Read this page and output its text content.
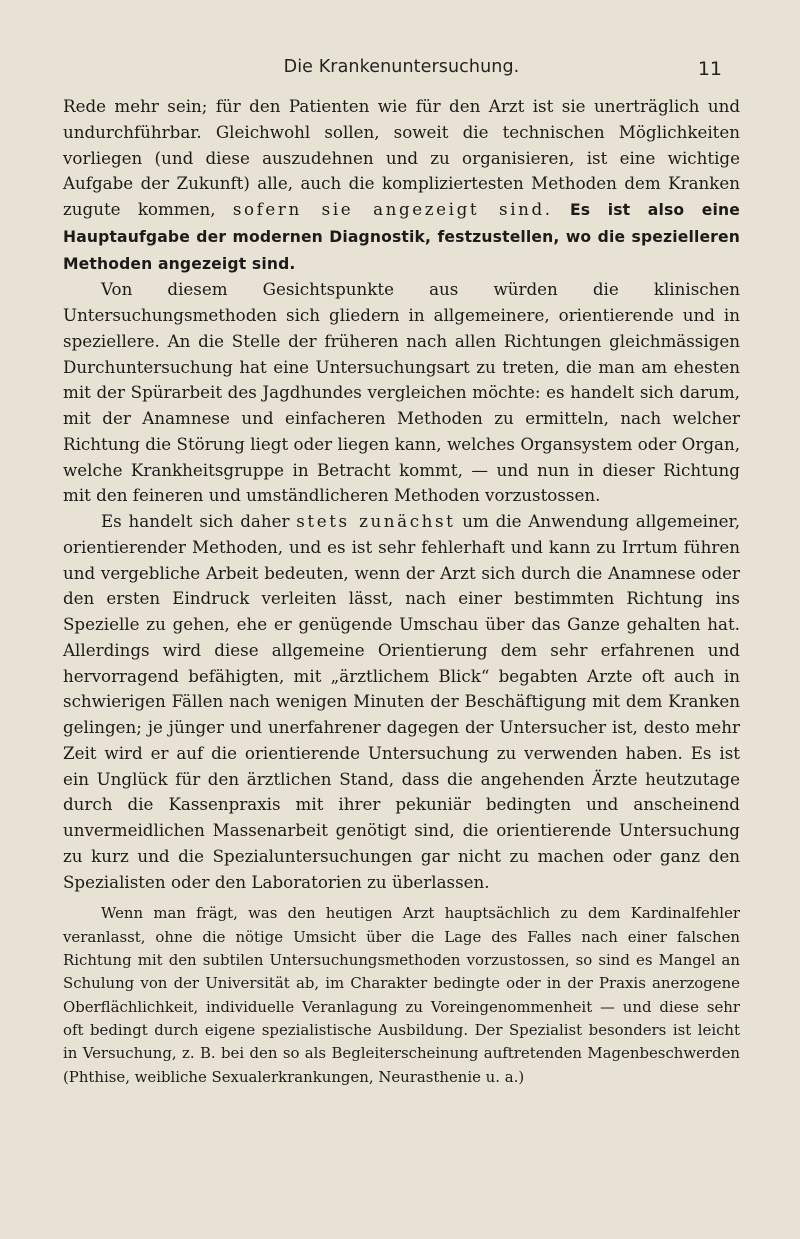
Die Krankenuntersuchung.	11

Rede mehr sein; für den Patienten wie für den Arzt ist sie unerträglich und undurchführbar. Gleichwohl sollen, soweit die technischen Möglichkeiten vorliegen (und diese auszudehnen und zu organisieren, ist eine wichtige Aufgabe der Zukunft) alle, auch die kompliziertesten Methoden dem Kranken zugute kommen, sofern sie angezeigt sind. Es ist also eine Hauptaufgabe der modernen Diagnostik, festzustellen, wo die spezielleren Methoden angezeigt sind.

Von diesem Gesichtspunkte aus würden die klinischen Untersuchungsmethoden sich gliedern in allgemeinere, orientierende und in speziellere. An die Stelle der früheren nach allen Richtungen gleichmässigen Durchuntersuchung hat eine Untersuchungsart zu treten, die man am ehesten mit der Spürarbeit des Jagdhundes vergleichen möchte: es handelt sich darum, mit der Anamnese und einfacheren Methoden zu ermitteln, nach welcher Richtung die Störung liegt oder liegen kann, welches Organsystem oder Organ, welche Krankheitsgruppe in Betracht kommt, — und nun in dieser Richtung mit den feineren und umständlicheren Methoden vorzustossen.

Es handelt sich daher stets zunächst um die Anwendung allgemeiner, orientierender Methoden, und es ist sehr fehlerhaft und kann zu Irrtum führen und vergebliche Arbeit bedeuten, wenn der Arzt sich durch die Anamnese oder den ersten Eindruck verleiten lässt, nach einer bestimmten Richtung ins Spezielle zu gehen, ehe er genügende Umschau über das Ganze gehalten hat. Allerdings wird diese allgemeine Orientierung dem sehr erfahrenen und hervorragend befähigten, mit „ärztlichem Blick“ begabten Arzte oft auch in schwierigen Fällen nach wenigen Minuten der Beschäftigung mit dem Kranken gelingen; je jünger und unerfahrener dagegen der Untersucher ist, desto mehr Zeit wird er auf die orientierende Untersuchung zu verwenden haben. Es ist ein Unglück für den ärztlichen Stand, dass die angehenden Ärzte heutzutage durch die Kassenpraxis mit ihrer pekuniär bedingten und anscheinend unvermeidlichen Massenarbeit genötigt sind, die orientierende Untersuchung zu kurz und die Spezialuntersuchungen gar nicht zu machen oder ganz den Spezialisten oder den Laboratorien zu überlassen.

Wenn man frägt, was den heutigen Arzt hauptsächlich zu dem Kardinalfehler veranlasst, ohne die nötige Umsicht über die Lage des Falles nach einer falschen Richtung mit den subtilen Untersuchungsmethoden vorzustossen, so sind es Mangel an Schulung von der Universität ab, im Charakter bedingte oder in der Praxis anerzogene Oberflächlichkeit, individuelle Veranlagung zu Voreingenommenheit — und diese sehr oft bedingt durch eigene spezialistische Ausbildung. Der Spezialist besonders ist leicht in Versuchung, z. B. bei den so als Begleiterscheinung auftretenden Magenbeschwerden (Phthise, weibliche Sexualerkrankungen, Neurasthenie u. a.)
